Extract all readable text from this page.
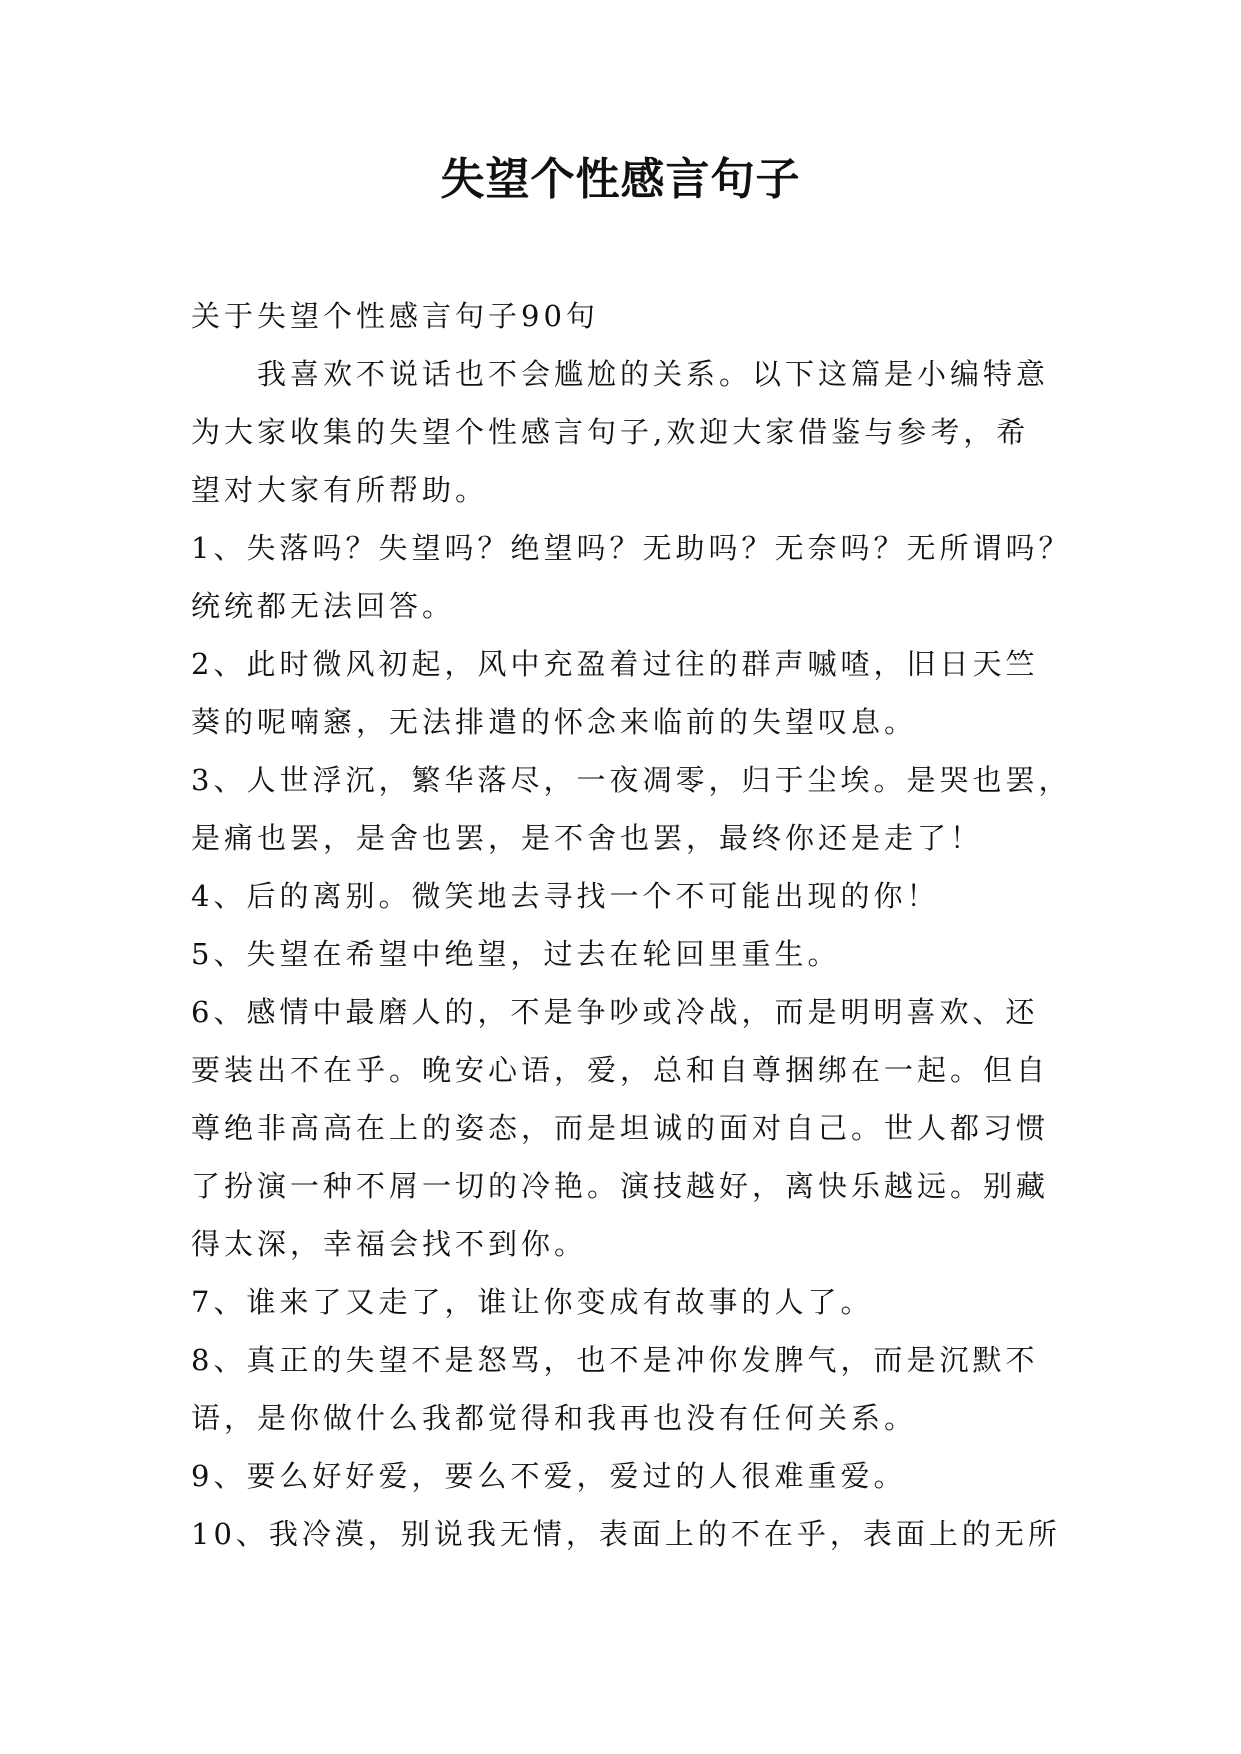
失望个性感言句子

关于失望个性感言句子90句

我喜欢不说话也不会尴尬的关系。以下这篇是小编特意

为大家收集的失望个性感言句子,欢迎大家借鉴与参考，希

望对大家有所帮助。

1、失落吗？失望吗？绝望吗？无助吗？无奈吗？无所谓吗？

统统都无法回答。

2、此时微风初起，风中充盈着过往的群声嘁喳，旧日天竺

葵的呢喃窸，无法排遣的怀念来临前的失望叹息。

3、人世浮沉，繁华落尽，一夜凋零，归于尘埃。是哭也罢，

是痛也罢，是舍也罢，是不舍也罢，最终你还是走了！

4、后的离别。微笑地去寻找一个不可能出现的你！

5、失望在希望中绝望，过去在轮回里重生。

6、感情中最磨人的，不是争吵或冷战，而是明明喜欢、还

要装出不在乎。晚安心语，爱，总和自尊捆绑在一起。但自

尊绝非高高在上的姿态，而是坦诚的面对自己。世人都习惯

了扮演一种不屑一切的冷艳。演技越好，离快乐越远。别藏

得太深，幸福会找不到你。

7、谁来了又走了，谁让你变成有故事的人了。

8、真正的失望不是怒骂，也不是冲你发脾气，而是沉默不

语，是你做什么我都觉得和我再也没有任何关系。

9、要么好好爱，要么不爱，爱过的人很难重爱。

10、我冷漠，别说我无情，表面上的不在乎，表面上的无所
